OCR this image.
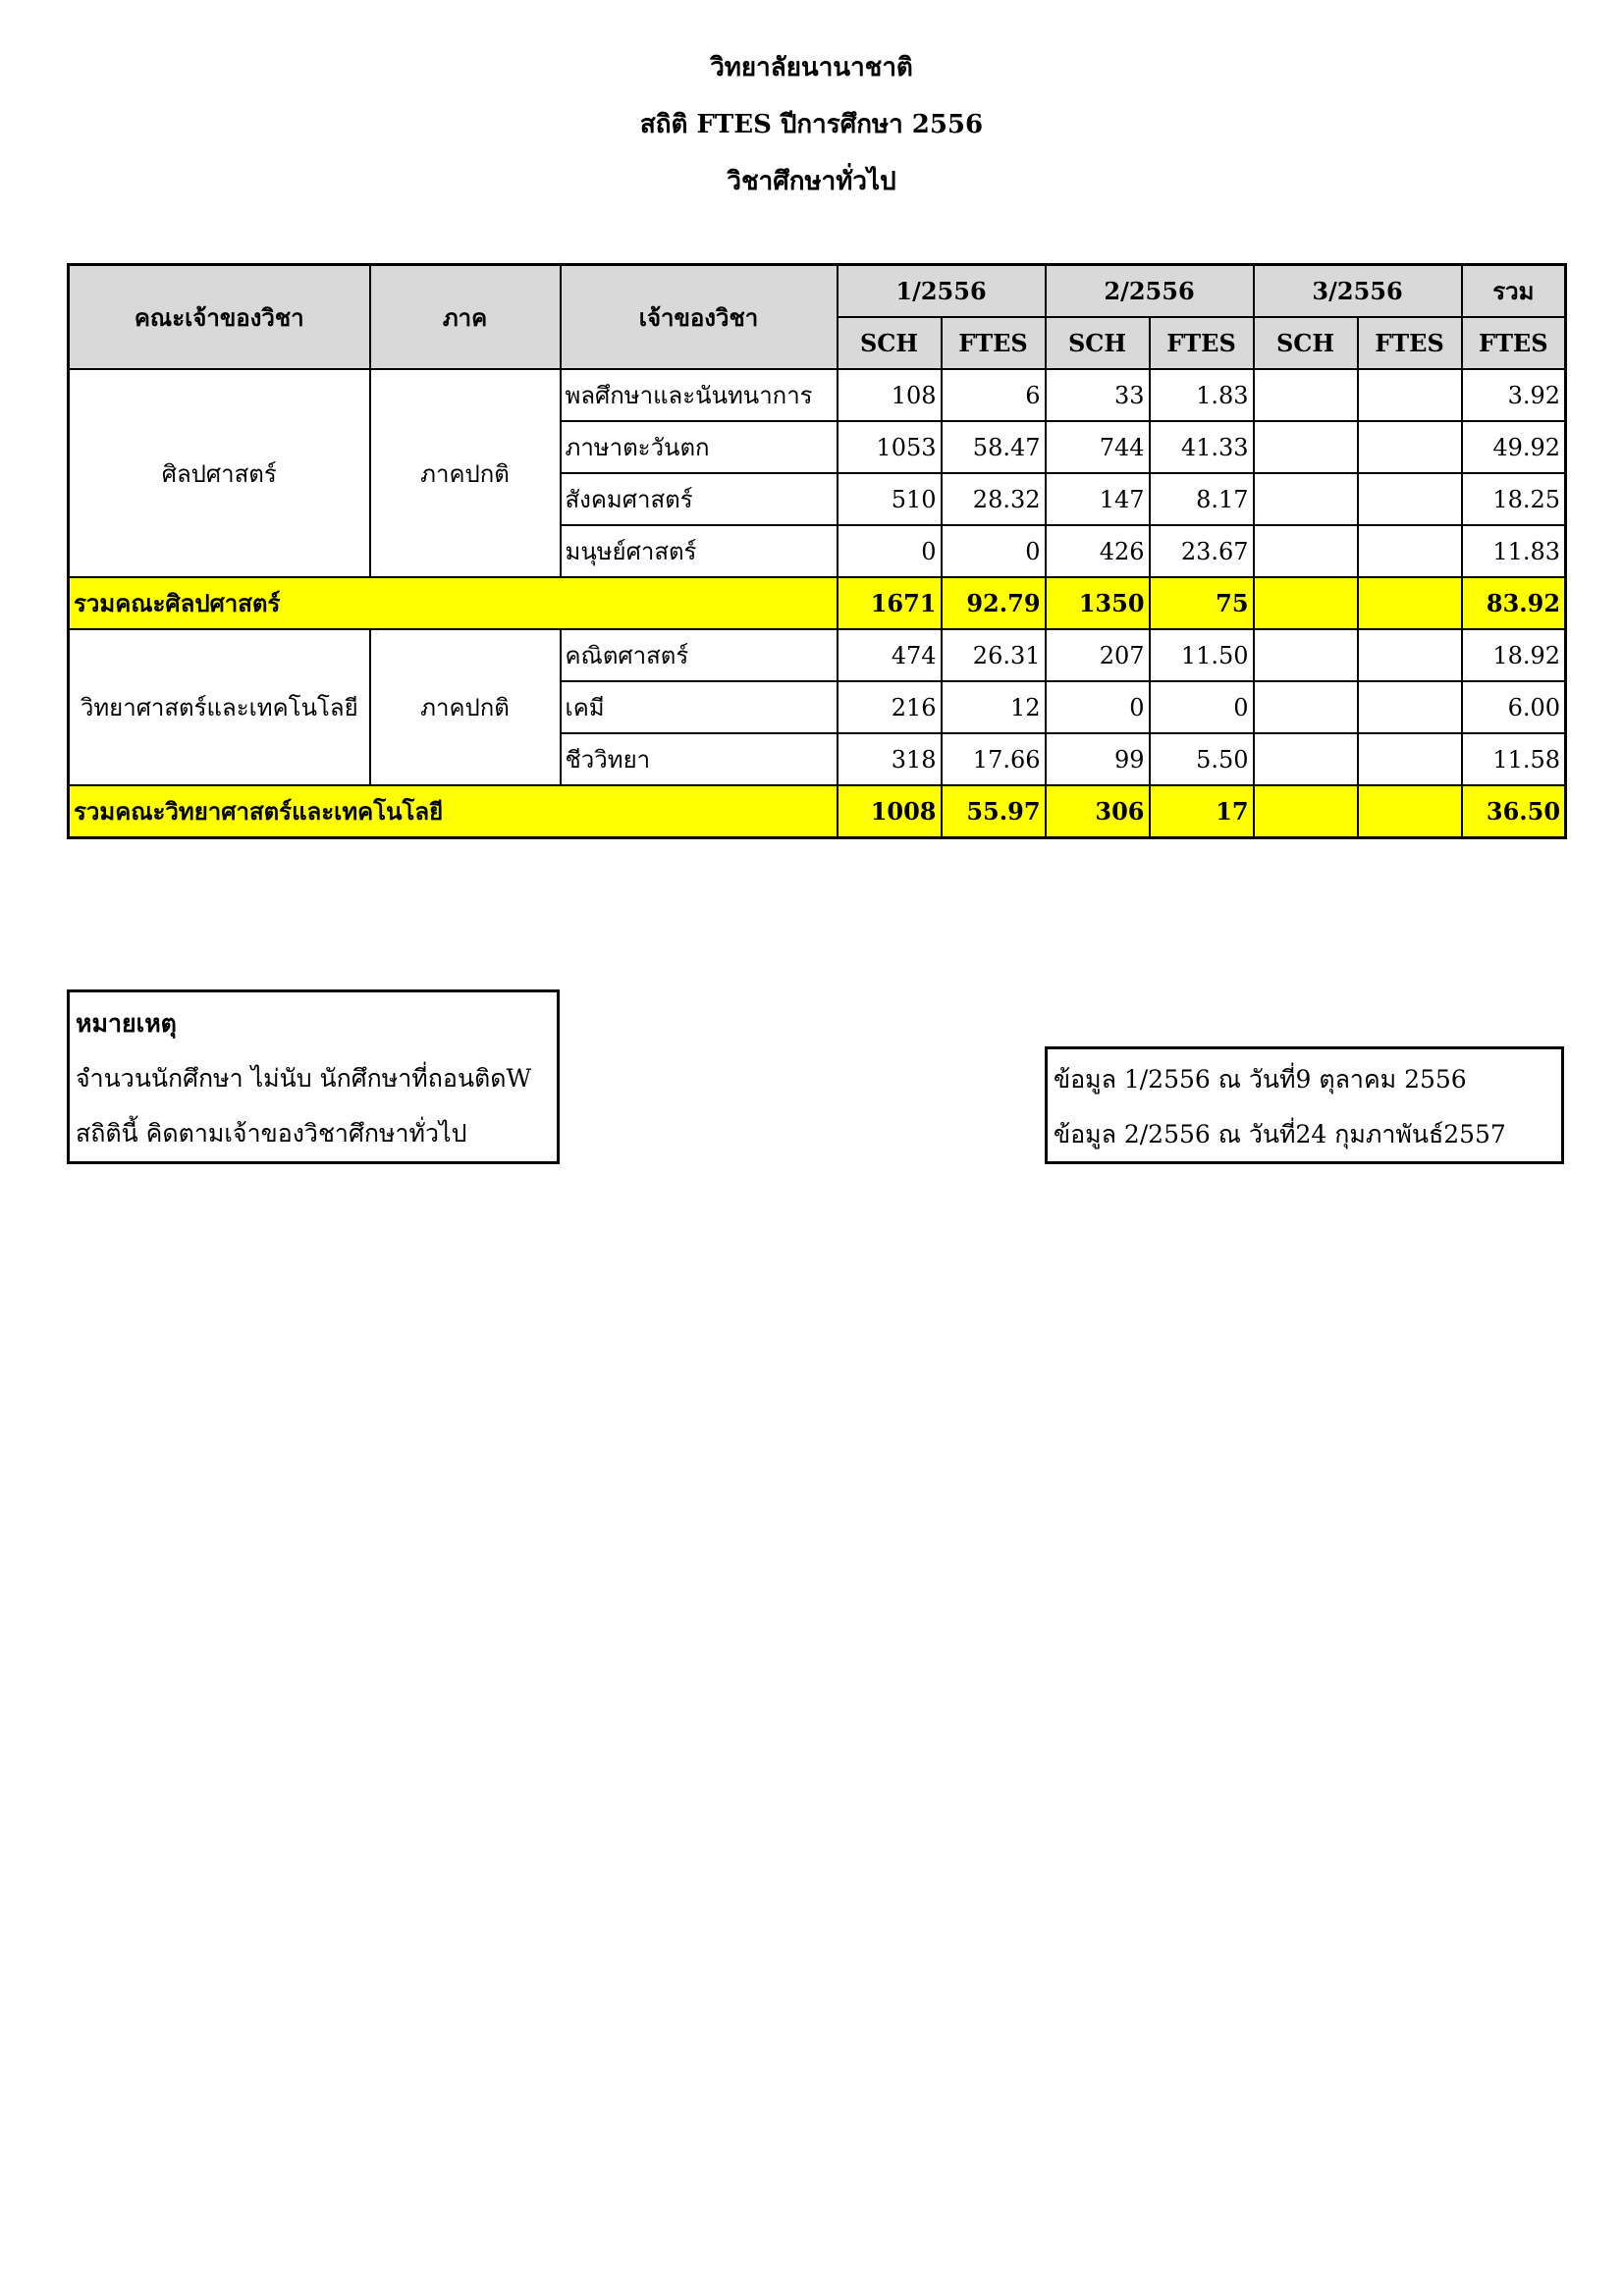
วิทยาลัยนานาชาติ
สถิติ FTES ปีการศึกษา 2556
วิชาศึกษาทั่วไป
คณะเจ้าของวิชา	ภาค	เจ้าของวิชา	1/2556		2/2556		3/2556		รวม
			SCH	FTES	SCH	FTES	SCH	FTES	FTES
ศิลปศาสตร์	ภาคปกติ	พลศึกษาและนันทนาการ	108	6	33	1.83			3.92
		ภาษาตะวันตก	1053	58.47	744	41.33			49.92
		สังคมศาสตร์	510	28.32	147	8.17			18.25
		มนุษย์ศาสตร์	0	0	426	23.67			11.83
รวมคณะศิลปศาสตร์			1671	92.79	1350	75			83.92
วิทยาศาสตร์และเทคโนโลยี	ภาคปกติ	คณิตศาสตร์	474	26.31	207	11.50			18.92
		เคมี	216	12	0	0			6.00
		ชีววิทยา	318	17.66	99	5.50			11.58
รวมคณะวิทยาศาสตร์และเทคโนโลยี			1008	55.97	306	17			36.50
หมายเหตุ
จำนวนนักศึกษา ไม่นับ นักศึกษาที่ถอนติดW
สถิตินี้ คิดตามเจ้าของวิชาศึกษาทั่วไป
ข้อมูล 1/2556 ณ วันที่9 ตุลาคม 2556
ข้อมูล 2/2556 ณ วันที่24 กุมภาพันธ์2557
